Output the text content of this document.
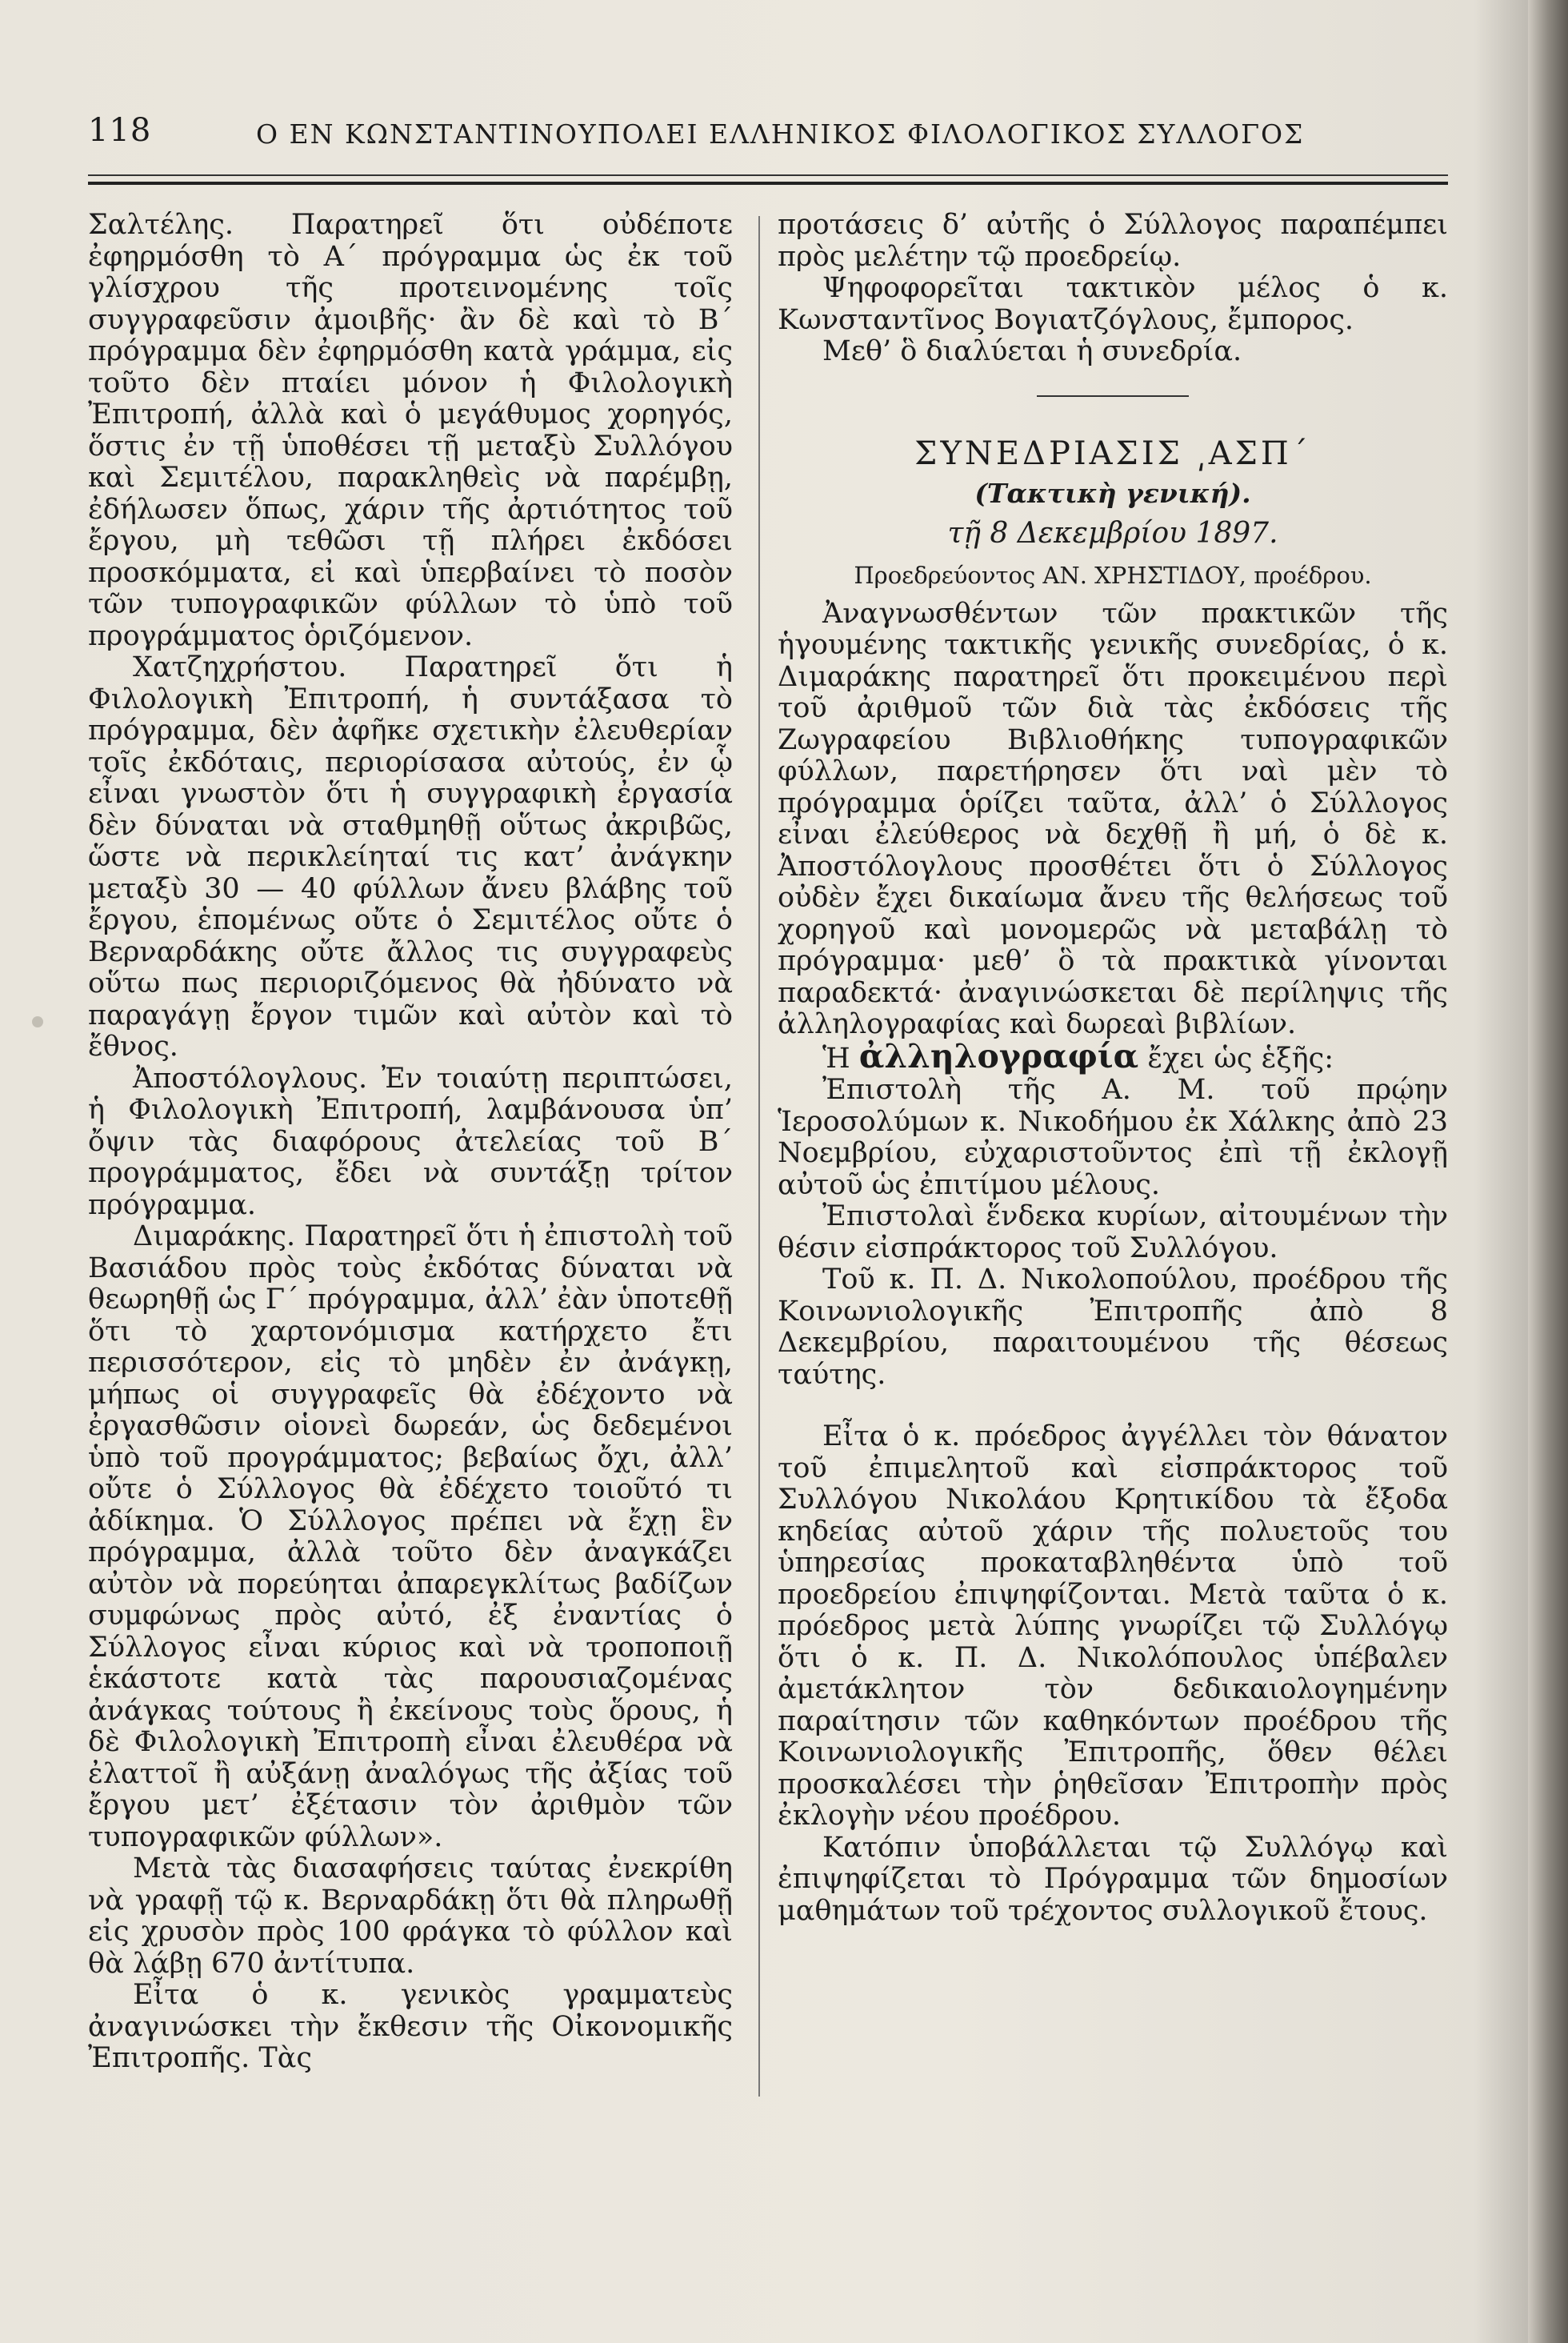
118	Ο ΕΝ ΚΩΝΣΤΑΝΤΙΝΟΥΠΟΛΕΙ ΕΛΛΗΝΙΚΟΣ ΦΙΛΟΛΟΓΙΚΟΣ ΣΥΛΛΟΓΟΣ

Σαλτέλης. Παρατηρεῖ ὅτι οὐδέποτε ἐφηρμόσθη τὸ Α΄ πρόγραμμα ὡς ἐκ τοῦ γλίσχρου τῆς προτεινομένης τοῖς συγγραφεῦσιν ἀμοιβῆς· ἂν δὲ καὶ τὸ Β΄ πρόγραμμα δὲν ἐφηρμόσθη κατὰ γράμμα, εἰς τοῦτο δὲν πταίει μόνον ἡ Φιλολογικὴ Ἐπιτροπή, ἀλλὰ καὶ ὁ μεγάθυμος χορηγός, ὅστις ἐν τῇ ὑποθέσει τῇ μεταξὺ Συλλόγου καὶ Σεμιτέλου, παρακληθεὶς νὰ παρέμβῃ, ἐδήλωσεν ὅπως, χάριν τῆς ἀρτιότητος τοῦ ἔργου, μὴ τεθῶσι τῇ πλήρει ἐκδόσει προσκόμματα, εἰ καὶ ὑπερβαίνει τὸ ποσὸν τῶν τυπογραφικῶν φύλλων τὸ ὑπὸ τοῦ προγράμματος ὁριζόμενον.

Χατζηχρήστου. Παρατηρεῖ ὅτι ἡ Φιλολογικὴ Ἐπιτροπή, ἡ συντάξασα τὸ πρόγραμμα, δὲν ἀφῆκε σχετικὴν ἐλευθερίαν τοῖς ἐκδόταις, περιορίσασα αὐτούς, ἐν ᾧ εἶναι γνωστὸν ὅτι ἡ συγγραφικὴ ἐργασία δὲν δύναται νὰ σταθμηθῇ οὕτως ἀκριβῶς, ὥστε νὰ περικλείηταί τις κατ’ ἀνάγκην μεταξὺ 30 — 40 φύλλων ἄνευ βλάβης τοῦ ἔργου, ἑπομένως οὔτε ὁ Σεμιτέλος οὔτε ὁ Βερναρδάκης οὔτε ἄλλος τις συγγραφεὺς οὕτω πως περιοριζόμενος θὰ ἠδύνατο νὰ παραγάγῃ ἔργον τιμῶν καὶ αὐτὸν καὶ τὸ ἔθνος.

Ἀποστόλογλους. Ἐν τοιαύτῃ περιπτώσει, ἡ Φιλολογικὴ Ἐπιτροπή, λαμβάνουσα ὑπ’ ὄψιν τὰς διαφόρους ἀτελείας τοῦ Β΄ προγράμματος, ἔδει νὰ συντάξῃ τρίτον πρόγραμμα.

Διμαράκης. Παρατηρεῖ ὅτι ἡ ἐπιστολὴ τοῦ Βασιάδου πρὸς τοὺς ἐκδότας δύναται νὰ θεωρηθῇ ὡς Γ΄ πρόγραμμα, ἀλλ’ ἐὰν ὑποτεθῇ ὅτι τὸ χαρτονόμισμα κατήρχετο ἔτι περισσότερον, εἰς τὸ μηδὲν ἐν ἀνάγκῃ, μήπως οἱ συγγραφεῖς θὰ ἐδέχοντο νὰ ἐργασθῶσιν οἱονεὶ δωρεάν, ὡς δεδεμένοι ὑπὸ τοῦ προγράμματος; βεβαίως ὄχι, ἀλλ’ οὔτε ὁ Σύλλογος θὰ ἐδέχετο τοιοῦτό τι ἀδίκημα. Ὁ Σύλλογος πρέπει νὰ ἔχῃ ἓν πρόγραμμα, ἀλλὰ τοῦτο δὲν ἀναγκάζει αὐτὸν νὰ πορεύηται ἀπαρεγκλίτως βαδίζων συμφώνως πρὸς αὐτό, ἐξ ἐναντίας ὁ Σύλλογος εἶναι κύριος καὶ νὰ τροποποιῇ ἑκάστοτε κατὰ τὰς παρουσιαζομένας ἀνάγκας τούτους ἢ ἐκείνους τοὺς ὅρους, ἡ δὲ Φιλολογικὴ Ἐπιτροπὴ εἶναι ἐλευθέρα νὰ ἐλαττοῖ ἢ αὐξάνῃ ἀναλόγως τῆς ἀξίας τοῦ ἔργου μετ’ ἐξέτασιν τὸν ἀριθμὸν τῶν τυπογραφικῶν φύλλων».

Μετὰ τὰς διασαφήσεις ταύτας ἐνεκρίθη νὰ γραφῇ τῷ κ. Βερναρδάκῃ ὅτι θὰ πληρωθῇ εἰς χρυσὸν πρὸς 100 φράγκα τὸ φύλλον καὶ θὰ λάβῃ 670 ἀντίτυπα.

Εἶτα ὁ κ. γενικὸς γραμματεὺς ἀναγινώσκει τὴν ἔκθεσιν τῆς Οἰκονομικῆς Ἐπιτροπῆς. Τὰς

προτάσεις δ’ αὐτῆς ὁ Σύλλογος παραπέμπει πρὸς μελέτην τῷ προεδρείῳ.

Ψηφοφορεῖται τακτικὸν μέλος ὁ κ. Κωνσταντῖνος Βογιατζόγλους, ἔμπορος.

Μεθ’ ὃ διαλύεται ἡ συνεδρία.

ΣΥΝΕΔΡΙΑΣΙΣ ͵ΑΣΠ΄
(Τακτικὴ γενική).
τῇ 8 Δεκεμβρίου 1897.
Προεδρεύοντος ΑΝ. ΧΡΗΣΤΙΔΟΥ, προέδρου.

Ἀναγνωσθέντων τῶν πρακτικῶν τῆς ἡγουμένης τακτικῆς γενικῆς συνεδρίας, ὁ κ. Διμαράκης παρατηρεῖ ὅτι προκειμένου περὶ τοῦ ἀριθμοῦ τῶν διὰ τὰς ἐκδόσεις τῆς Ζωγραφείου Βιβλιοθήκης τυπογραφικῶν φύλλων, παρετήρησεν ὅτι ναὶ μὲν τὸ πρόγραμμα ὁρίζει ταῦτα, ἀλλ’ ὁ Σύλλογος εἶναι ἐλεύθερος νὰ δεχθῇ ἢ μή, ὁ δὲ κ. Ἀποστόλογλους προσθέτει ὅτι ὁ Σύλλογος οὐδὲν ἔχει δικαίωμα ἄνευ τῆς θελήσεως τοῦ χορηγοῦ καὶ μονομερῶς νὰ μεταβάλῃ τὸ πρόγραμμα· μεθ’ ὃ τὰ πρακτικὰ γίνονται παραδεκτά· ἀναγινώσκεται δὲ περίληψις τῆς ἀλληλογραφίας καὶ δωρεαὶ βιβλίων.

Ἡ ἀλληλογραφία ἔχει ὡς ἑξῆς:

Ἐπιστολὴ τῆς Α. Μ. τοῦ πρῴην Ἱεροσολύμων κ. Νικοδήμου ἐκ Χάλκης ἀπὸ 23 Νοεμβρίου, εὐχαριστοῦντος ἐπὶ τῇ ἐκλογῇ αὐτοῦ ὡς ἐπιτίμου μέλους.

Ἐπιστολαὶ ἕνδεκα κυρίων, αἰτουμένων τὴν θέσιν εἰσπράκτορος τοῦ Συλλόγου.

Τοῦ κ. Π. Δ. Νικολοπούλου, προέδρου τῆς Κοινωνιολογικῆς Ἐπιτροπῆς ἀπὸ 8 Δεκεμβρίου, παραιτουμένου τῆς θέσεως ταύτης.

Εἶτα ὁ κ. πρόεδρος ἀγγέλλει τὸν θάνατον τοῦ ἐπιμελητοῦ καὶ εἰσπράκτορος τοῦ Συλλόγου Νικολάου Κρητικίδου τὰ ἔξοδα κηδείας αὐτοῦ χάριν τῆς πολυετοῦς του ὑπηρεσίας προκαταβληθέντα ὑπὸ τοῦ προεδρείου ἐπιψηφίζονται. Μετὰ ταῦτα ὁ κ. πρόεδρος μετὰ λύπης γνωρίζει τῷ Συλλόγῳ ὅτι ὁ κ. Π. Δ. Νικολόπουλος ὑπέβαλεν ἀμετάκλητον τὸν δεδικαιολογημένην παραίτησιν τῶν καθηκόντων προέδρου τῆς Κοινωνιολογικῆς Ἐπιτροπῆς, ὅθεν θέλει προσκαλέσει τὴν ῥηθεῖσαν Ἐπιτροπὴν πρὸς ἐκλογὴν νέου προέδρου.

Κατόπιν ὑποβάλλεται τῷ Συλλόγῳ καὶ ἐπιψηφίζεται τὸ Πρόγραμμα τῶν δημοσίων μαθημάτων τοῦ τρέχοντος συλλογικοῦ ἔτους.
